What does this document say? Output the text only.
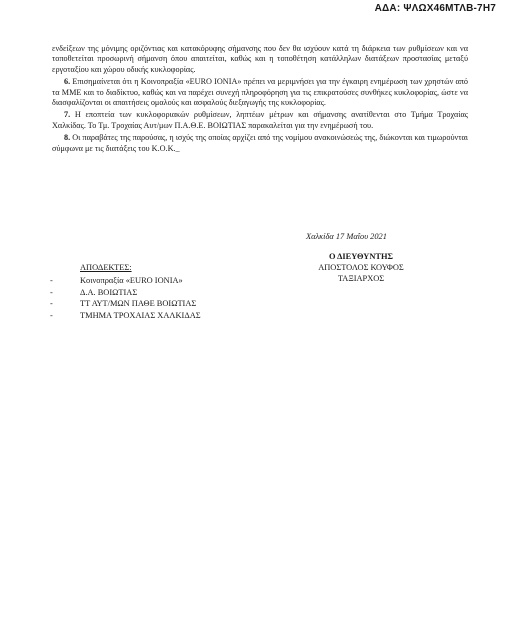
ΑΔΑ: ΨΛΩΧ46ΜΤΛΒ-7Η7

ενδείξεων της μόνιμης οριζόντιας και κατακόρυφης σήμανσης που δεν θα ισχύουν κατά τη διάρκεια των ρυθμίσεων και να τοποθετείται προσωρινή σήμανση όπου απαιτείται, καθώς και η τοποθέτηση κατάλληλων διατάξεων προστασίας μεταξύ εργοταξίου και χώρου οδικής κυκλοφορίας.

6. Επισημαίνεται ότι η Κοινοπραξία «EURO IONIA» πρέπει να μεριμνήσει για την έγκαιρη ενημέρωση των χρηστών από τα ΜΜΕ και το διαδίκτυο, καθώς και να παρέχει συνεχή πληροφόρηση για τις επικρατούσες συνθήκες κυκλοφορίας, ώστε να διασφαλίζονται οι απαιτήσεις ομαλούς και ασφαλούς διεξαγωγής της κυκλοφορίας.

7. Η εποπτεία των κυκλοφοριακών ρυθμίσεων, ληπτέων μέτρων και σήμανσης ανατίθενται στο Τμήμα Τροχαίας Χαλκίδας. Το Τμ. Τροχαίας Αυτ/μων Π.Α.Θ.Ε. ΒΟΙΩΤΙΑΣ παρακαλείται για την ενημέρωσή του.

8. Οι παραβάτες της παρούσας, η ισχύς της οποίας αρχίζει από της νομίμου ανακοινώσεώς της, διώκονται και τιμωρούνται σύμφωνα με τις διατάξεις του Κ.Ο.Κ._

Χαλκίδα 17 Μαΐου 2021
Ο ΔΙΕΥΘΥΝΤΗΣ
ΑΠΟΣΤΟΛΟΣ ΚΟΥΦΟΣ
ΤΑΞΙΑΡΧΟΣ
ΑΠΟΔΕΚΤΕΣ:
-	Κοινοπραξία «EURO IONIA»
-	Δ.Α. ΒΟΙΩΤΙΑΣ
-	ΤΤ ΑΥΤ/ΜΩΝ ΠΑΘΕ ΒΟΙΩΤΙΑΣ
-	ΤΜΗΜΑ ΤΡΟΧΑΙΑΣ ΧΑΛΚΙΔΑΣ
